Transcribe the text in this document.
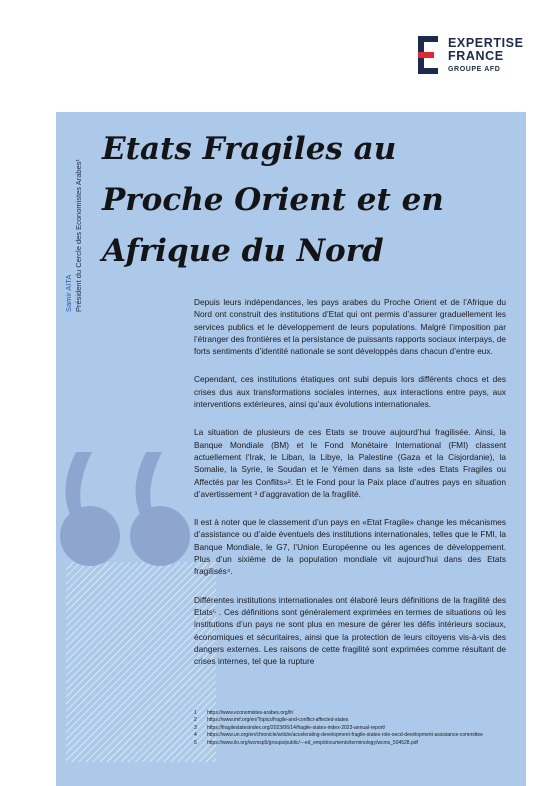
EXPERTISE
FRANCE
GROUPE AFD
Samir AITA Président du Cercle des Economistes Arabes¹
Etats Fragiles au Proche Orient et en Afrique du Nord

Depuis leurs indépendances, les pays arabes du Proche Orient et de l’Afrique du Nord ont construit des institutions d’Etat qui ont permis d’assurer graduellement les services publics et le développement de leurs populations. Malgré l’imposition par l’étranger des frontières et la persistance de puissants rapports sociaux interpays, de forts sentiments d’identité nationale se sont développés dans chacun d’entre eux.

Cependant, ces institutions étatiques ont subi depuis lors différents chocs et des crises dus aux transformations sociales internes, aux interactions entre pays, aux interventions extérieures, ainsi qu’aux évolutions internationales.

La situation de plusieurs de ces Etats se trouve aujourd’hui fragilisée. Ainsi, la Banque Mondiale (BM) et le Fond Monétaire International (FMI) classent actuellement l’Irak, le Liban, la Libye, la Palestine (Gaza et la Cisjordanie), la Somalie, la Syrie, le Soudan et le Yémen dans sa liste «des Etats Fragiles ou Affectés par les Conflits»². Et le Fond pour la Paix place d’autres pays en situation d’avertissement ³ d’aggravation de la fragilité.

Il est à noter que le classement d’un pays en «Etat Fragile» change les mécanismes d’assistance ou d’aide éventuels des institutions internationales, telles que le FMI, la Banque Mondiale, le G7, l’Union Européenne ou les agences de développement. Plus d’un sixième de la population mondiale vit aujourd’hui dans des Etats fragilisés⁴.

Différentes institutions internationales ont élaboré leurs définitions de la fragilité des Etats⁵ . Ces définitions sont généralement exprimées en termes de situations où les institutions d’un pays ne sont plus en mesure de gérer les défis intérieurs sociaux, économiques et sécuritaires, ainsi que la protection de leurs citoyens vis-à-vis des dangers externes. Les raisons de cette fragilité sont exprimées comme résultant de crises internes, tel que la rupture

1	https://www.economistes-arabes.org/fr/
2	https://www.imf.org/en/Topics/fragile-and-conflict-affected-states
3	https://fragilestatesindex.org/2023/06/14/fragile-states-index-2023-annual-report/
4	https://www.un.org/en/chronicle/article/accelerating-development-fragile-states-role-oecd-development-assistance-committee
5	https://www.ilo.org/wcmsp5/groups/public/---ed_emp/documents/terminology/wcms_504528.pdf
